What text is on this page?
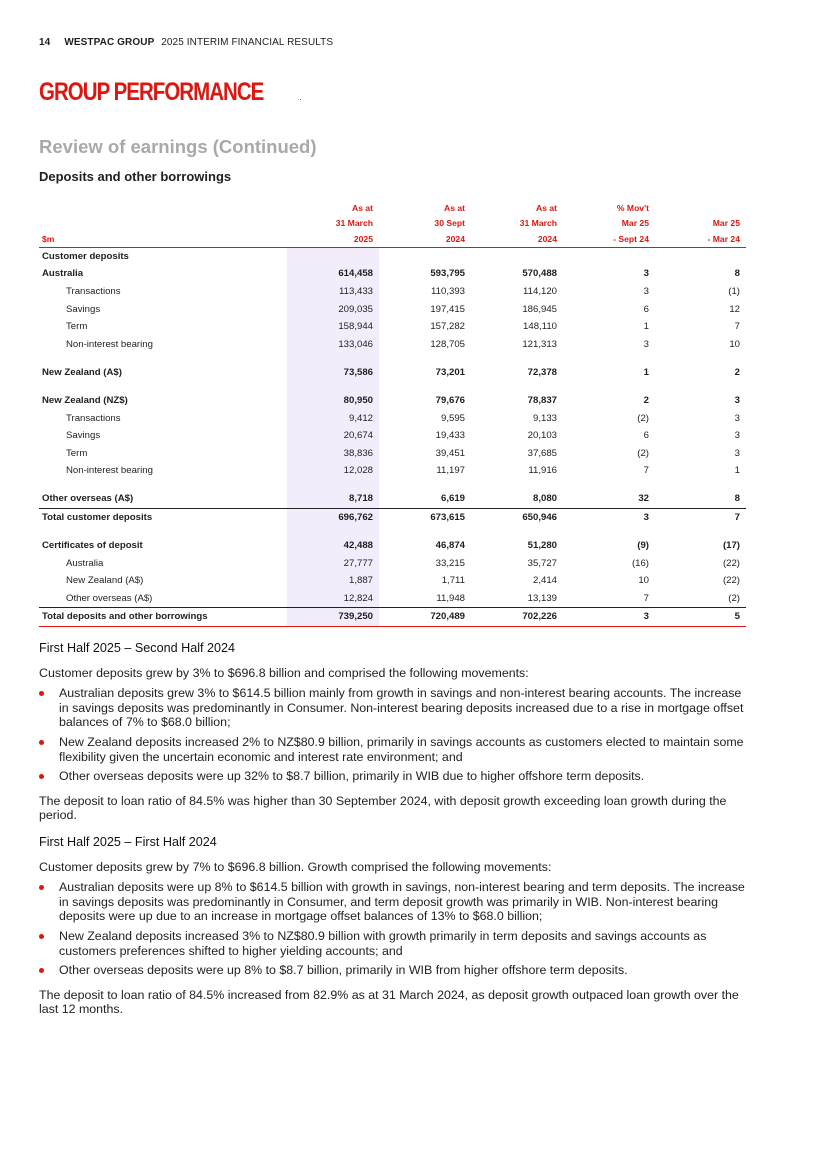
14 WESTPAC GROUP 2025 INTERIM FINANCIAL RESULTS
GROUP PERFORMANCE
Review of earnings (Continued)
Deposits and other borrowings
	As at	As at	As at	% Mov't	
	31 March	30 Sept	31 March	Mar 25	Mar 25
$m	2025	2024	2024	- Sept 24	- Mar 24
Customer deposits					
Australia	614,458	593,795	570,488	3	8
Transactions	113,433	110,393	114,120	3	(1)
Savings	209,035	197,415	186,945	6	12
Term	158,944	157,282	148,110	1	7
Non-interest bearing	133,046	128,705	121,313	3	10

New Zealand (A$)	73,586	73,201	72,378	1	2

New Zealand (NZ$)	80,950	79,676	78,837	2	3
Transactions	9,412	9,595	9,133	(2)	3
Savings	20,674	19,433	20,103	6	3
Term	38,836	39,451	37,685	(2)	3
Non-interest bearing	12,028	11,197	11,916	7	1

Other overseas (A$)	8,718	6,619	8,080	32	8
Total customer deposits	696,762	673,615	650,946	3	7

Certificates of deposit	42,488	46,874	51,280	(9)	(17)
Australia	27,777	33,215	35,727	(16)	(22)
New Zealand (A$)	1,887	1,711	2,414	10	(22)
Other overseas (A$)	12,824	11,948	13,139	7	(2)
Total deposits and other borrowings	739,250	720,489	702,226	3	5
First Half 2025 – Second Half 2024

Customer deposits grew by 3% to $696.8 billion and comprised the following movements:

Australian deposits grew 3% to $614.5 billion mainly from growth in savings and non-interest bearing accounts. The increase in savings deposits was predominantly in Consumer. Non-interest bearing deposits increased due to a rise in mortgage offset balances of 7% to $68.0 billion;
New Zealand deposits increased 2% to NZ$80.9 billion, primarily in savings accounts as customers elected to maintain some flexibility given the uncertain economic and interest rate environment; and
Other overseas deposits were up 32% to $8.7 billion, primarily in WIB due to higher offshore term deposits.

The deposit to loan ratio of 84.5% was higher than 30 September 2024, with deposit growth exceeding loan growth during the period.

First Half 2025 – First Half 2024

Customer deposits grew by 7% to $696.8 billion. Growth comprised the following movements:

Australian deposits were up 8% to $614.5 billion with growth in savings, non-interest bearing and term deposits. The increase in savings deposits was predominantly in Consumer, and term deposit growth was primarily in WIB. Non-interest bearing deposits were up due to an increase in mortgage offset balances of 13% to $68.0 billion;
New Zealand deposits increased 3% to NZ$80.9 billion with growth primarily in term deposits and savings accounts as customers preferences shifted to higher yielding accounts; and
Other overseas deposits were up 8% to $8.7 billion, primarily in WIB from higher offshore term deposits.

The deposit to loan ratio of 84.5% increased from 82.9% as at 31 March 2024, as deposit growth outpaced loan growth over the last 12 months.
